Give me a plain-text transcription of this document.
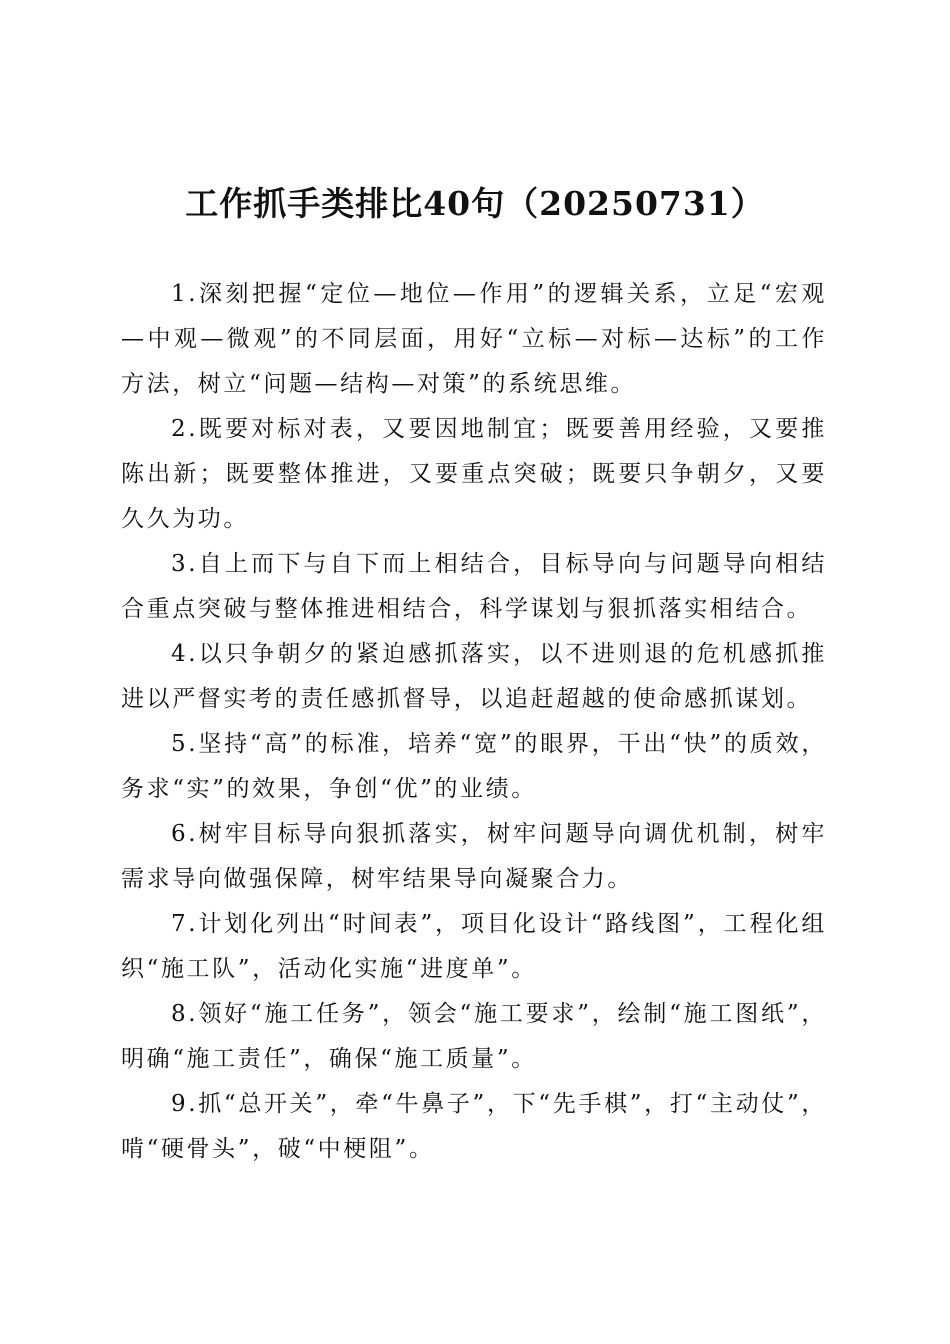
工作抓手类排比40句（20250731）

1.深刻把握“定位—地位—作用”的逻辑关系，立足“宏观—中观—微观”的不同层面，用好“立标—对标—达标”的工作方法，树立“问题—结构—对策”的系统思维。

2.既要对标对表，又要因地制宜；既要善用经验，又要推陈出新；既要整体推进，又要重点突破；既要只争朝夕，又要久久为功。

3.自上而下与自下而上相结合，目标导向与问题导向相结合重点突破与整体推进相结合，科学谋划与狠抓落实相结合。

4.以只争朝夕的紧迫感抓落实，以不进则退的危机感抓推进以严督实考的责任感抓督导，以追赶超越的使命感抓谋划。

5.坚持“高”的标准，培养“宽”的眼界，干出“快”的质效，务求“实”的效果，争创“优”的业绩。

6.树牢目标导向狠抓落实，树牢问题导向调优机制，树牢需求导向做强保障，树牢结果导向凝聚合力。

7.计划化列出“时间表”，项目化设计“路线图”，工程化组织“施工队”，活动化实施“进度单”。

8.领好“施工任务”，领会“施工要求”，绘制“施工图纸”，明确“施工责任”，确保“施工质量”。

9.抓“总开关”，牵“牛鼻子”，下“先手棋”，打“主动仗”，啃“硬骨头”，破“中梗阻”。
